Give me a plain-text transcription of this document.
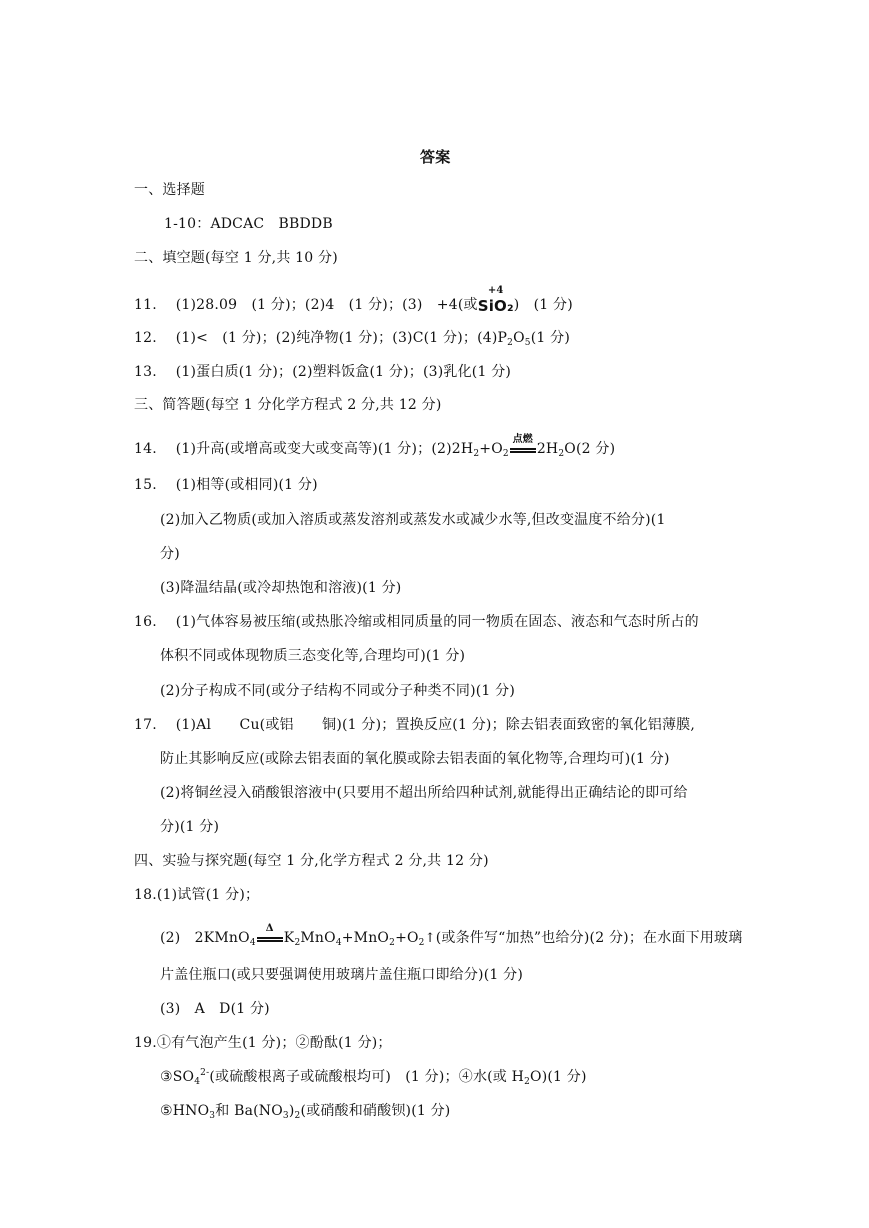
答案
一、选择题
1-10：ADCAC　BBDDB
二、填空题(每空 1 分,共 10 分)
11.　 (1)28.09　(1 分)；(2)4　(1 分)；(3)　+4(或
+4
SiO₂)　(1 分)
12.　 (1)<　(1 分)；(2)纯净物(1 分)；(3)C(1 分)；$(4)P_2O_5(1$ 分)
13.　 (1)蛋白质(1 分)；(2)塑料饭盒(1 分)；(3)乳化(1 分)
三、简答题(每空 1 分化学方程式 2 分,共 12 分)
14.　 (1)升高(或增高或变大或变高等)(1 分)；$(2)2H_2+O_2$
点燃
$2H_2O(2$ 分)
15.　 (1)相等(或相同)(1 分)
(2)加入乙物质(或加入溶质或蒸发溶剂或蒸发水或减少水等,但改变温度不给分)(1
分)
(3)降温结晶(或冷却热饱和溶液)(1 分)
16.　 (1)气体容易被压缩(或热胀冷缩或相同质量的同一物质在固态、液态和气态时所占的
体积不同或体现物质三态变化等,合理均可)(1 分)
(2)分子构成不同(或分子结构不同或分子种类不同)(1 分)
17.　 (1)Al　　Cu(或铝　　铜)(1 分)；置换反应(1 分)；除去铝表面致密的氧化铝薄膜,
防止其影响反应(或除去铝表面的氧化膜或除去铝表面的氧化物等,合理均可)(1 分)
(2)将铜丝浸入硝酸银溶液中(只要用不超出所给四种试剂,就能得出正确结论的即可给
分)(1 分)
四、实验与探究题(每空 1 分,化学方程式 2 分,共 12 分)
18.(1)试管(1 分)；
(2)　2KMnO$_4$
Δ
$K_2MnO_4+MnO_2+O_2↑$(或条件写“加热”也给分)(2 分)；在水面下用玻璃
片盖住瓶口(或只要强调使用玻璃片盖住瓶口即给分)(1 分)
(3)　A　D(1 分)
19.①有气泡产生(1 分)；②酚酞(1 分)；
$③SO_4^{2-}$(或硫酸根离子或硫酸根均可)　(1 分)；④水(或 $H_2O)(1$ 分)
$⑤HNO_3$和 $Ba(NO_3)_2$(或硝酸和硝酸钡)(1 分)
